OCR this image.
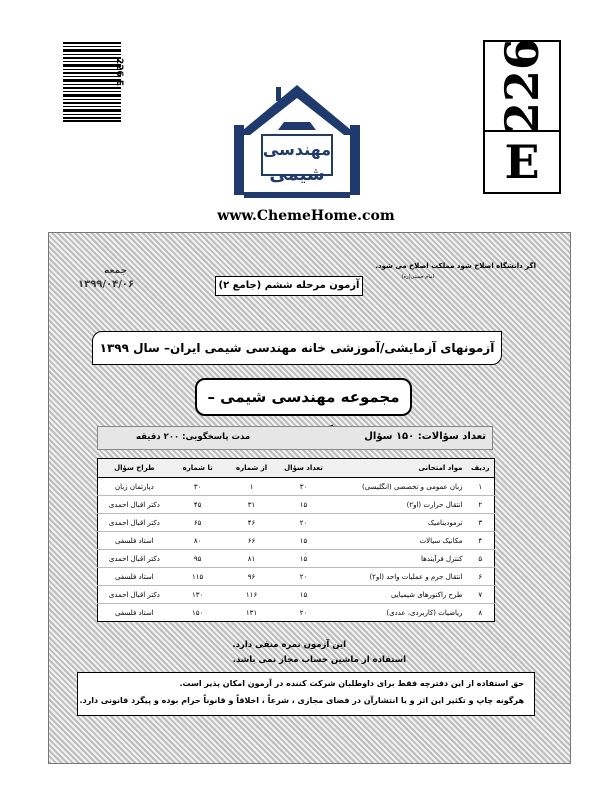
226 E	226
E
مهندسی
شیمی
www.ChemeHome.com
اگر دانشگاه اصلاح شود مملکت اصلاح می شود.
امام خمینی(ره)
آزمون مرحله ششم (جامع ۲)
جمعه
۱۳۹۹/۰۴/۰۶
آزمونهای آزمایشی/آموزشی خانه مهندسی شیمی ایران– سال ۱۳۹۹
مجموعه مهندسی شیمی –
تعداد سؤالات: ۱۵۰ سؤال
مدت پاسخگویی: ۲۰۰ دقیقه
ردیف	مواد امتحانی	تعداد سؤال	از شماره	تا شماره	طراح سؤال
۱	زبان عمومی و تخصصی (انگلیسی)	۳۰	۱	۳۰	دپارتمان زبان
۲	انتقال حرارت (او۲)	۱۵	۳۱	۴۵	دکتر اقبال احمدی
۳	ترمودینامیک	۲۰	۴۶	۶۵	دکتر اقبال احمدی
۴	مکانیک سیالات	۱۵	۶۶	۸۰	استاد فلسفی
۵	کنترل فرآیندها	۱۵	۸۱	۹۵	دکتر اقبال احمدی
۶	انتقال جرم و عملیات واحد (او۲)	۲۰	۹۶	۱۱۵	استاد فلسفی
۷	طرح راکتورهای شیمیایی	۱۵	۱۱۶	۱۳۰	دکتر اقبال احمدی
۸	ریاضیات (کاربردی، عددی)	۲۰	۱۳۱	۱۵۰	استاد فلسفی
این آزمون نمره منفی دارد.
استفاده از ماشین حساب مجاز نمی باشد.
حق استفاده از این دفترچه فقط برای داوطلبان شرکت کننده در آزمون امکان پذیر است.
هرگونه چاپ و تکثیر این اثر و یا انتشارآن در فضای مجازی ، شرعاً ، اخلاقاً و قانوناً حرام بوده و پیگرد قانونی دارد.
